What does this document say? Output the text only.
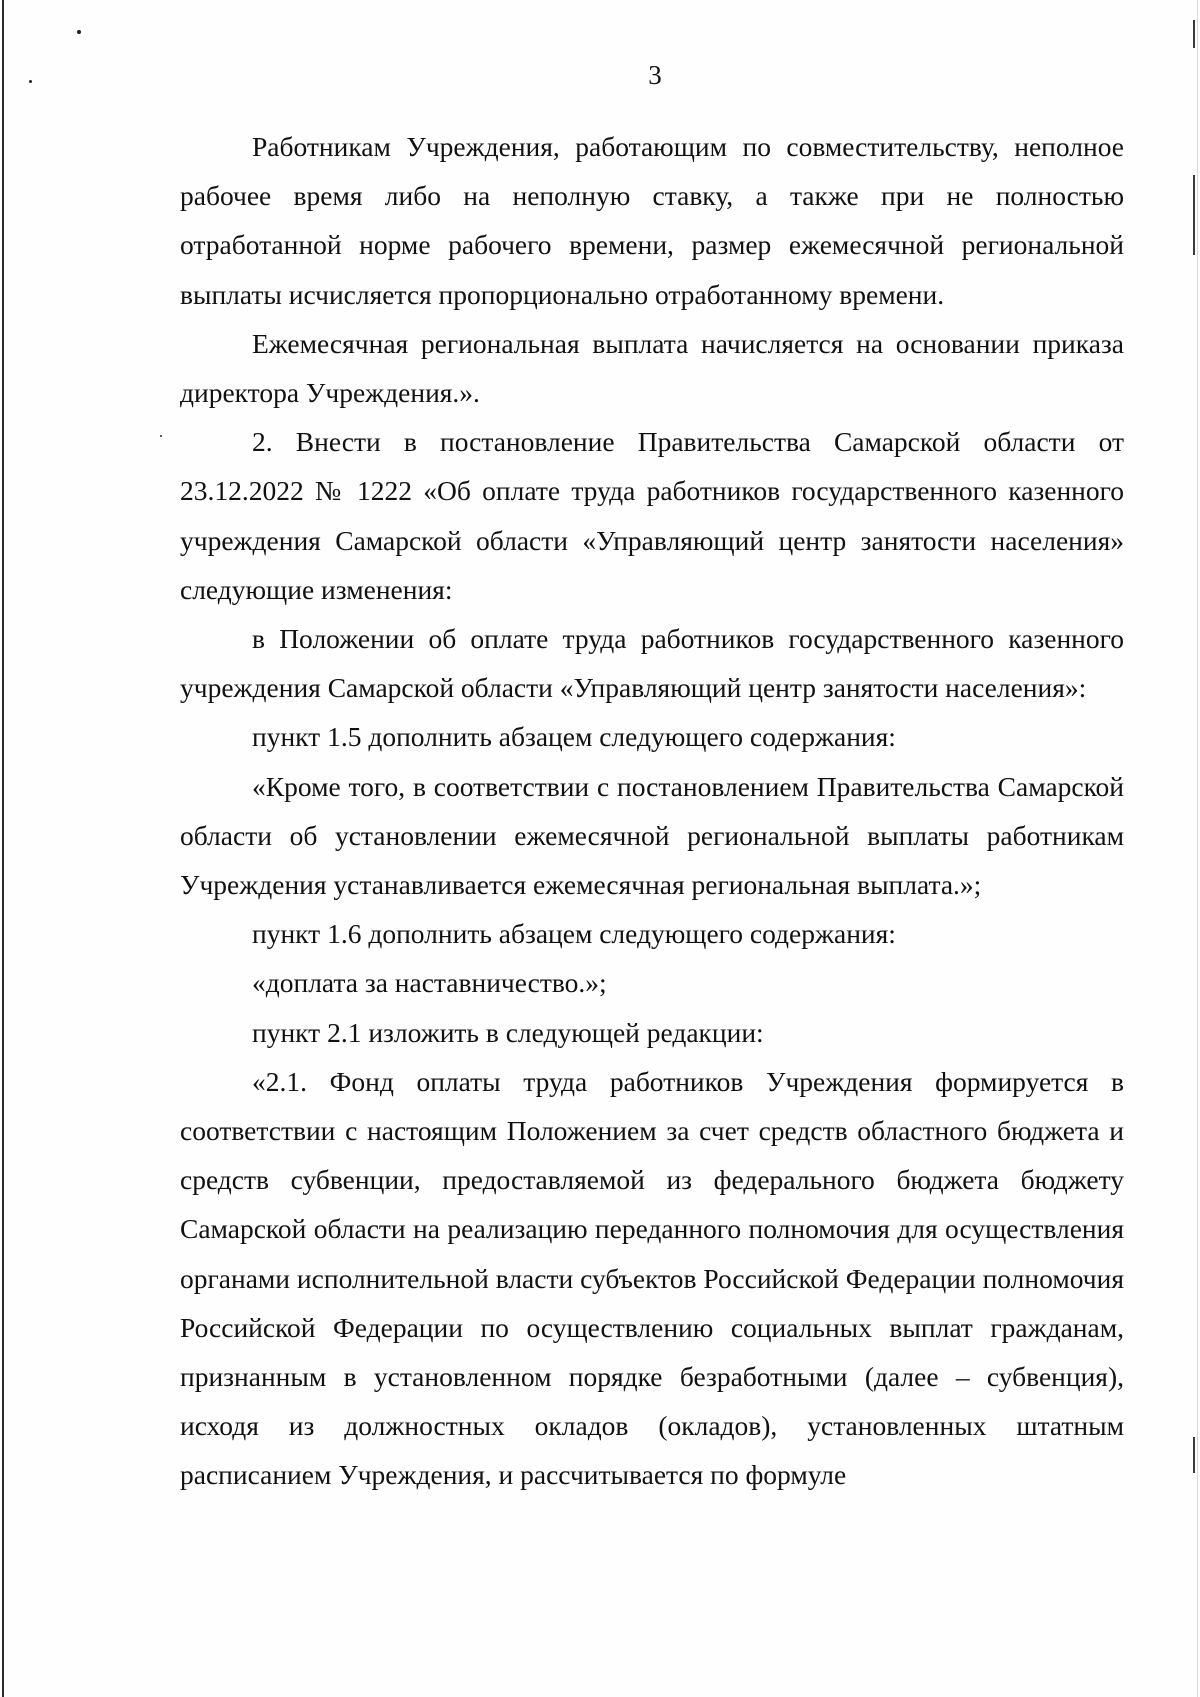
3

Работникам Учреждения, работающим по совместительству, неполное рабочее время либо на неполную ставку, а также при не полностью отработанной норме рабочего времени, размер ежемесячной региональной выплаты исчисляется пропорционально отработанному времени.

Ежемесячная региональная выплата начисляется на основании приказа директора Учреждения.».

2. Внести в постановление Правительства Самарской области от 23.12.2022 № 1222 «Об оплате труда работников государственного казенного учреждения Самарской области «Управляющий центр занятости населения» следующие изменения:

в Положении об оплате труда работников государственного казенного учреждения Самарской области «Управляющий центр занятости населения»:

пункт 1.5 дополнить абзацем следующего содержания:

«Кроме того, в соответствии с постановлением Правительства Самарской области об установлении ежемесячной региональной выплаты работникам Учреждения устанавливается ежемесячная региональная выплата.»;

пункт 1.6 дополнить абзацем следующего содержания:

«доплата за наставничество.»;

пункт 2.1 изложить в следующей редакции:

«2.1. Фонд оплаты труда работников Учреждения формируется в соответствии с настоящим Положением за счет средств областного бюджета и средств субвенции, предоставляемой из федерального бюджета бюджету Самарской области на реализацию переданного полномочия для осуществления органами исполнительной власти субъектов Российской Федерации полномочия Российской Федерации по осуществлению социальных выплат гражданам, признанным в установленном порядке безработными (далее – субвенция), исходя из должностных окладов (окладов), установленных штатным расписанием Учреждения, и рассчитывается по формуле
